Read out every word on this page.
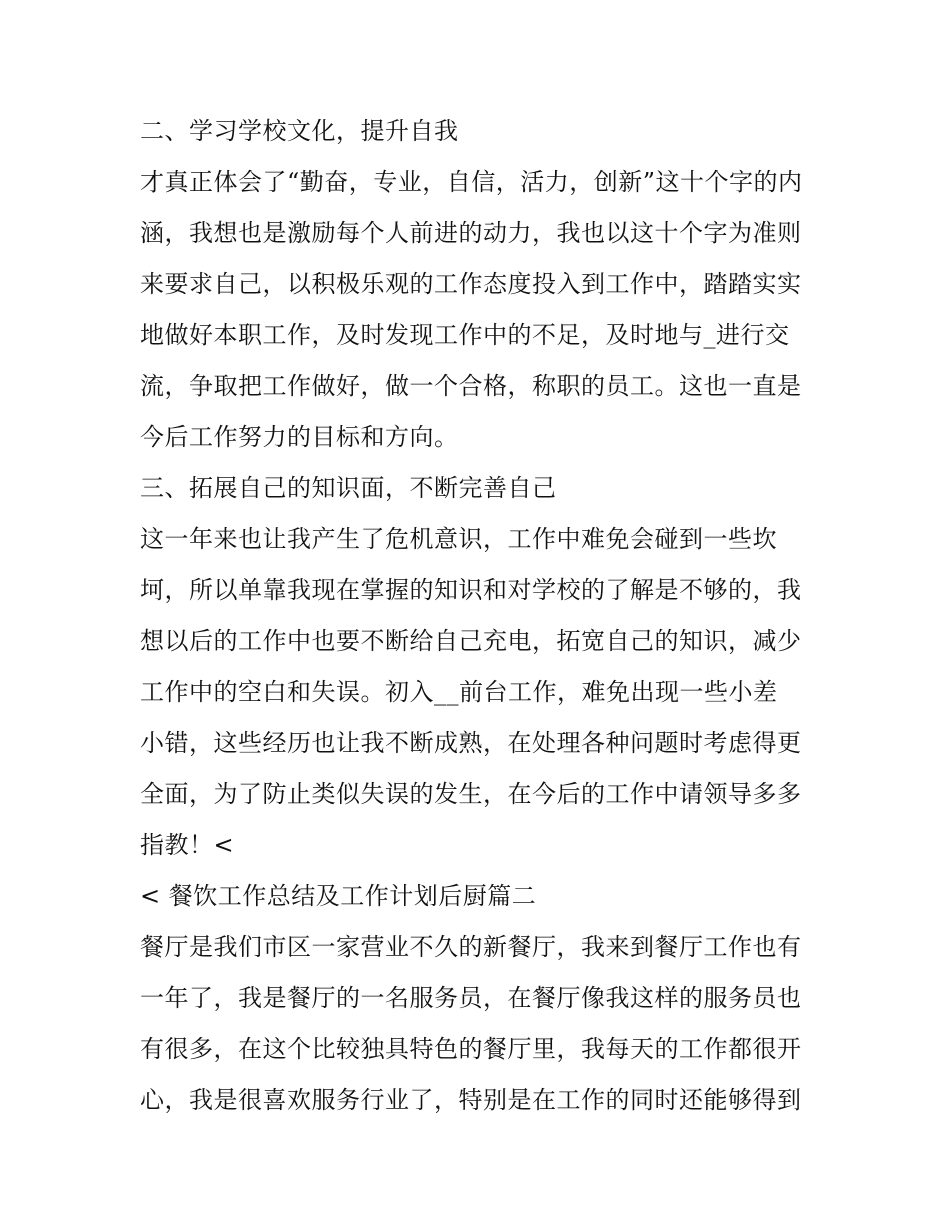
二、学习学校文化，提升自我
才真正体会了“勤奋，专业，自信，活力，创新”这十个字的内
涵，我想也是激励每个人前进的动力，我也以这十个字为准则
来要求自己，以积极乐观的工作态度投入到工作中，踏踏实实
地做好本职工作，及时发现工作中的不足，及时地与_进行交
流，争取把工作做好，做一个合格，称职的员工。这也一直是
今后工作努力的目标和方向。
三、拓展自己的知识面，不断完善自己
这一年来也让我产生了危机意识，工作中难免会碰到一些坎
坷，所以单靠我现在掌握的知识和对学校的了解是不够的，我
想以后的工作中也要不断给自己充电，拓宽自己的知识，减少
工作中的空白和失误。初入__前台工作，难免出现一些小差
小错，这些经历也让我不断成熟，在处理各种问题时考虑得更
全面，为了防止类似失误的发生，在今后的工作中请领导多多
指教！<
< 餐饮工作总结及工作计划后厨篇二
餐厅是我们市区一家营业不久的新餐厅，我来到餐厅工作也有
一年了，我是餐厅的一名服务员，在餐厅像我这样的服务员也
有很多，在这个比较独具特色的餐厅里，我每天的工作都很开
心，我是很喜欢服务行业了，特别是在工作的同时还能够得到
